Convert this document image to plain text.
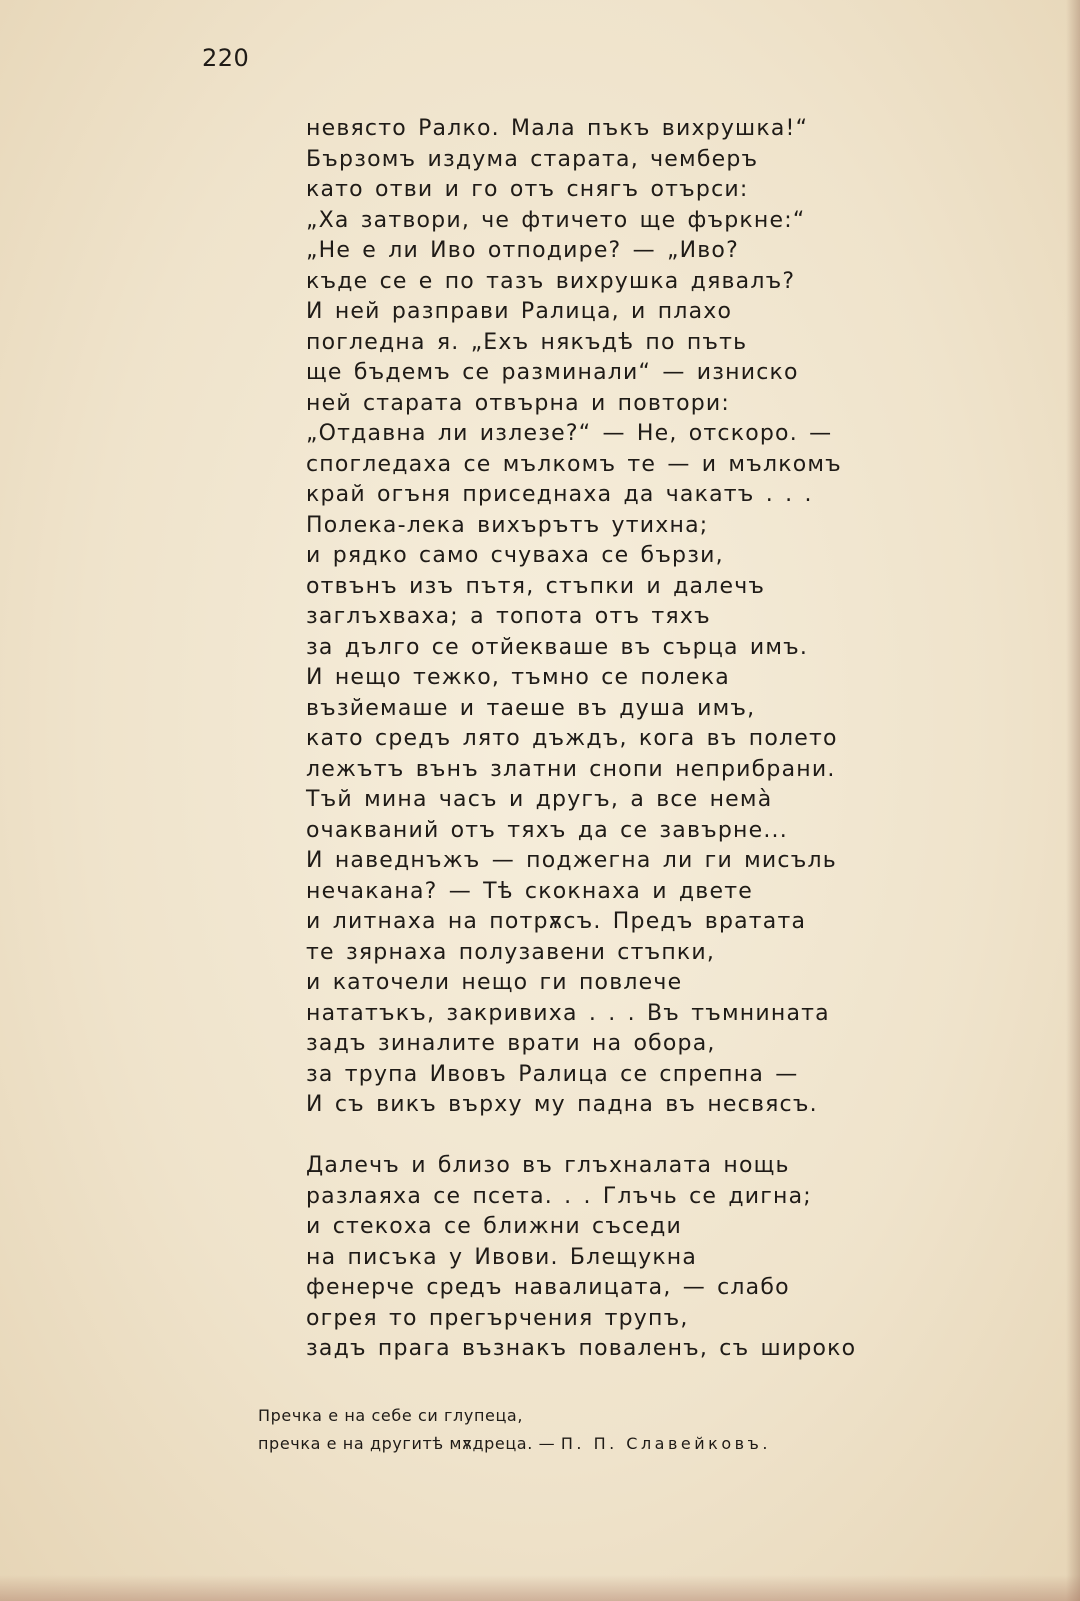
220
невясто Ралко. Мала пъкъ вихрушка!“
Бързомъ издума старата, чемберъ
като отви и го отъ снягъ отърси:
„Ха затвори, че фтичето ще фъркне:“
„Не е ли Иво отподире? — „Иво?
къде се е по тазъ вихрушка дявалъ?
И ней разправи Ралица, и плахо
погледна я. „Ехъ някъдѣ по пъть
ще бъдемъ се разминали“ — изниско
ней старата отвърна и повтори:
„Отдавна ли излезе?“ — Не, отскоро. —
спогледаха се мълкомъ те — и мълкомъ
край огъня приседнаха да чакатъ . . .
Полека-лека вихърътъ утихна;
и рядко само счуваха се бързи,
отвънъ изъ пътя, стъпки и далечъ
заглъхваха; а топота отъ тяхъ
за дълго се отйекваше въ сърца имъ.
И нещо тежко, тъмно се полека
възйемаше и таеше въ душа имъ,
като средъ лято дъждъ, кога въ полето
лежътъ вънъ златни снопи неприбрани.
Тъй мина часъ и другъ, а все немà
очакваний отъ тяхъ да се завърне...
И наведнъжъ — поджегна ли ги мисъль
нечакана? — Тѣ скокнаха и двете
и литнаха на потрѫсъ. Предъ вратата
те зярнаха полузавени стъпки,
и каточели нещо ги повлече
нататъкъ, закривиха . . . Въ тъмнината
задъ зиналите врати на обора,
за трупа Ивовъ Ралица се спрепна —
И съ викъ върху му падна въ несвясъ.
Далечъ и близо въ глъхналата нощь
разлаяха се псета. . . Глъчь се дигна;
и стекоха се ближни съседи
на писъка у Ивови. Блещукна
фенерче средъ навалицата, — слабо
огрея то прегърчения трупъ,
задъ прага възнакъ поваленъ, съ широко
Пречка е на себе си глупеца,
пречка е на другитѣ мѫдреца. — П. П. Славейковъ.
